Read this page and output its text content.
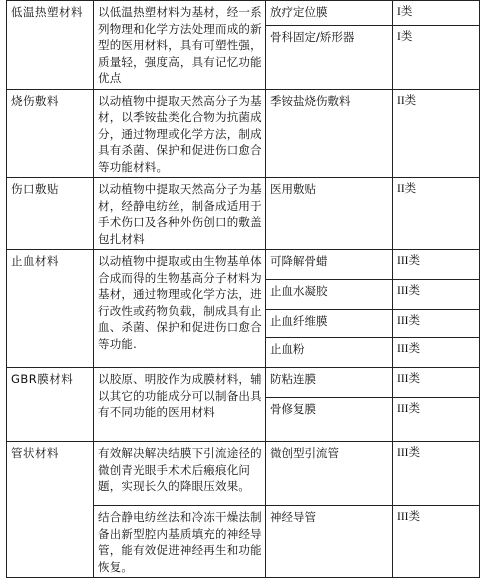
低温热塑材料	以低温热塑材料为基材，经一系列物理和化学方法处理而成的新型的医用材料，具有可塑性强，质量轻，强度高，具有记忆功能优点	放疗定位膜	I类
		骨科固定/矫形器	I类
烧伤敷料	以动植物中提取天然高分子为基材，以季铵盐类化合物为抗菌成分，通过物理或化学方法，制成具有杀菌、保护和促进伤口愈合等功能材料。	季铵盐烧伤敷料	II类
伤口敷贴	以动植物中提取天然高分子为基材，经静电纺丝，制备成适用于手术伤口及各种外伤创口的敷盖包扎材料	医用敷贴	II类
止血材料	以动植物中提取或由生物基单体合成而得的生物基高分子材料为基材，通过物理或化学方法，进行改性或药物负载，制成具有止血、杀菌、保护和促进伤口愈合等功能.	可降解骨蜡	III类
		止血水凝胶	III类
		止血纤维膜	III类
		止血粉	III类
GBR膜材料	以胶原、明胶作为成膜材料，辅以其它的功能成分可以制备出具有不同功能的医用材料	防粘连膜	III类
		骨修复膜	III类
管状材料	有效解决解决结膜下引流途径的微创青光眼手术术后瘢痕化问题，实现长久的降眼压效果。	微创型引流管	III类
	结合静电纺丝法和冷冻干燥法制备出新型腔内基质填充的神经导管，能有效促进神经再生和功能恢复。	神经导管	III类
